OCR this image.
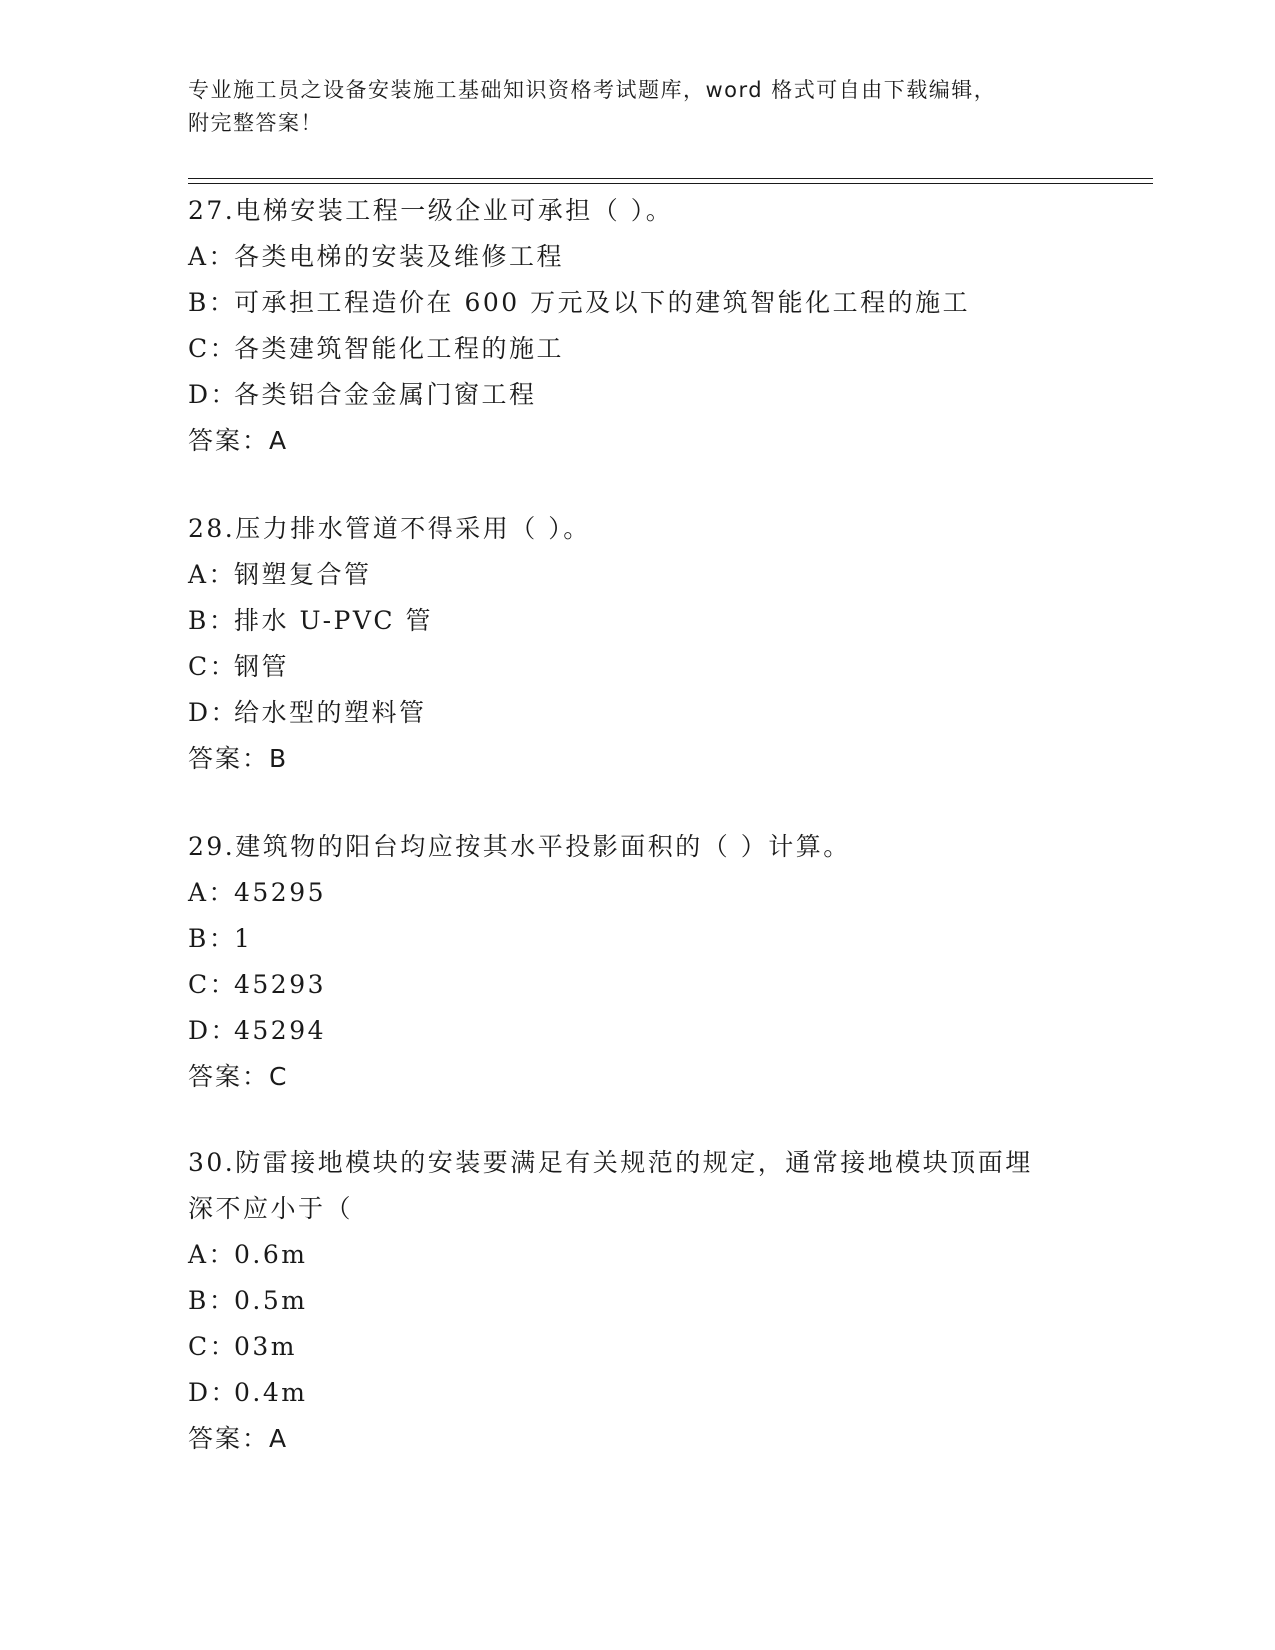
专业施工员之设备安装施工基础知识资格考试题库，word 格式可自由下载编辑，
附完整答案！
27.电梯安装工程一级企业可承担（ ）。
A：各类电梯的安装及维修工程
B：可承担工程造价在 600 万元及以下的建筑智能化工程的施工
C：各类建筑智能化工程的施工
D：各类铝合金金属门窗工程
答案：A
28.压力排水管道不得采用（ ）。
A：钢塑复合管
B：排水 U-PVC 管
C：钢管
D：给水型的塑料管
答案：B
29.建筑物的阳台均应按其水平投影面积的（ ）计算。
A：45295
B：1
C：45293
D：45294
答案：C
30.防雷接地模块的安装要满足有关规范的规定，通常接地模块顶面埋
深不应小于（
A：0.6m
B：0.5m
C：03m
D：0.4m
答案：A
